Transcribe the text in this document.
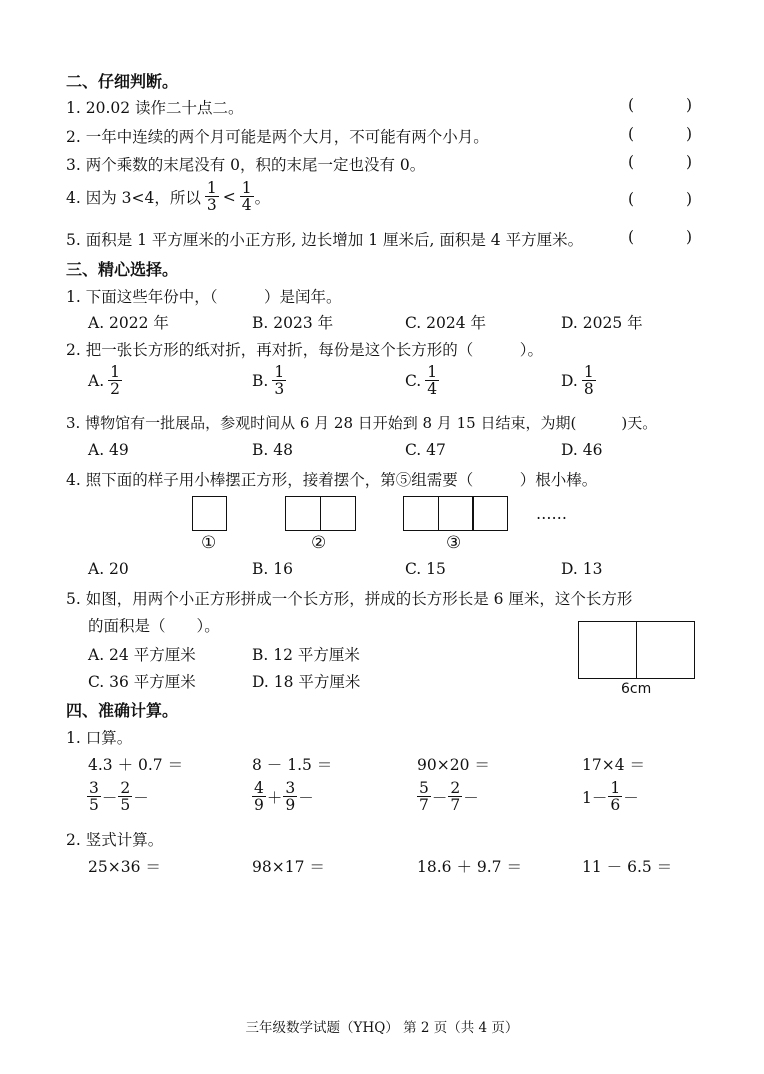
二、仔细判断。
1. 20.02 读作二十点二。	(	)
2. 一年中连续的两个月可能是两个大月，不可能有两个小月。	(	)
3. 两个乘数的末尾没有 0，积的末尾一定也没有 0。	(	)
4. 因为 3<4，所以 $\frac{1}{3} < \frac{1}{4}$ 。	(	)
5. 面积是 1 平方厘米的小正方形, 边长增加 1 厘米后, 面积是 4 平方厘米。	(	)
三、精心选择。
1. 下面这些年份中，（　　　）是闰年。
A. 2022 年	B. 2023 年	C. 2024 年	D. 2025 年
2. 把一张长方形的纸对折，再对折，每份是这个长方形的（　　　）。
A. $\frac{1}{2}$	B. $\frac{1}{3}$	C. $\frac{1}{4}$	D. $\frac{1}{8}$
3. 博物馆有一批展品，参观时间从 6 月 28 日开始到 8 月 15 日结束，为期(　　　)天。
A. 49	B. 48	C. 47	D. 46
4. 照下面的样子用小棒摆正方形，接着摆个，第⑤组需要（　　　）根小棒。
……
①	②	③
A. 20	B. 16	C. 15	D. 13
5. 如图，用两个小正方形拼成一个长方形，拼成的长方形长是 6 厘米，这个长方形
的面积是（　　）。
6cm
A. 24 平方厘米	B. 12 平方厘米
C. 36 平方厘米	D. 18 平方厘米
四、准确计算。
1. 口算。
4.3 ＋ 0.7 ＝	8 － 1.5 ＝	90×20 ＝	17×4 ＝
$\frac{3}{5} - \frac{2}{5}$ －	$\frac{4}{9} + \frac{3}{9}$ －	$\frac{5}{7} - \frac{2}{7}$ －	$1- \frac{1}{6}$ －
2. 竖式计算。
25×36 ＝	98×17 ＝	18.6 ＋ 9.7 ＝	11 － 6.5 ＝
三年级数学试题（YHQ） 第 2 页（共 4 页）
